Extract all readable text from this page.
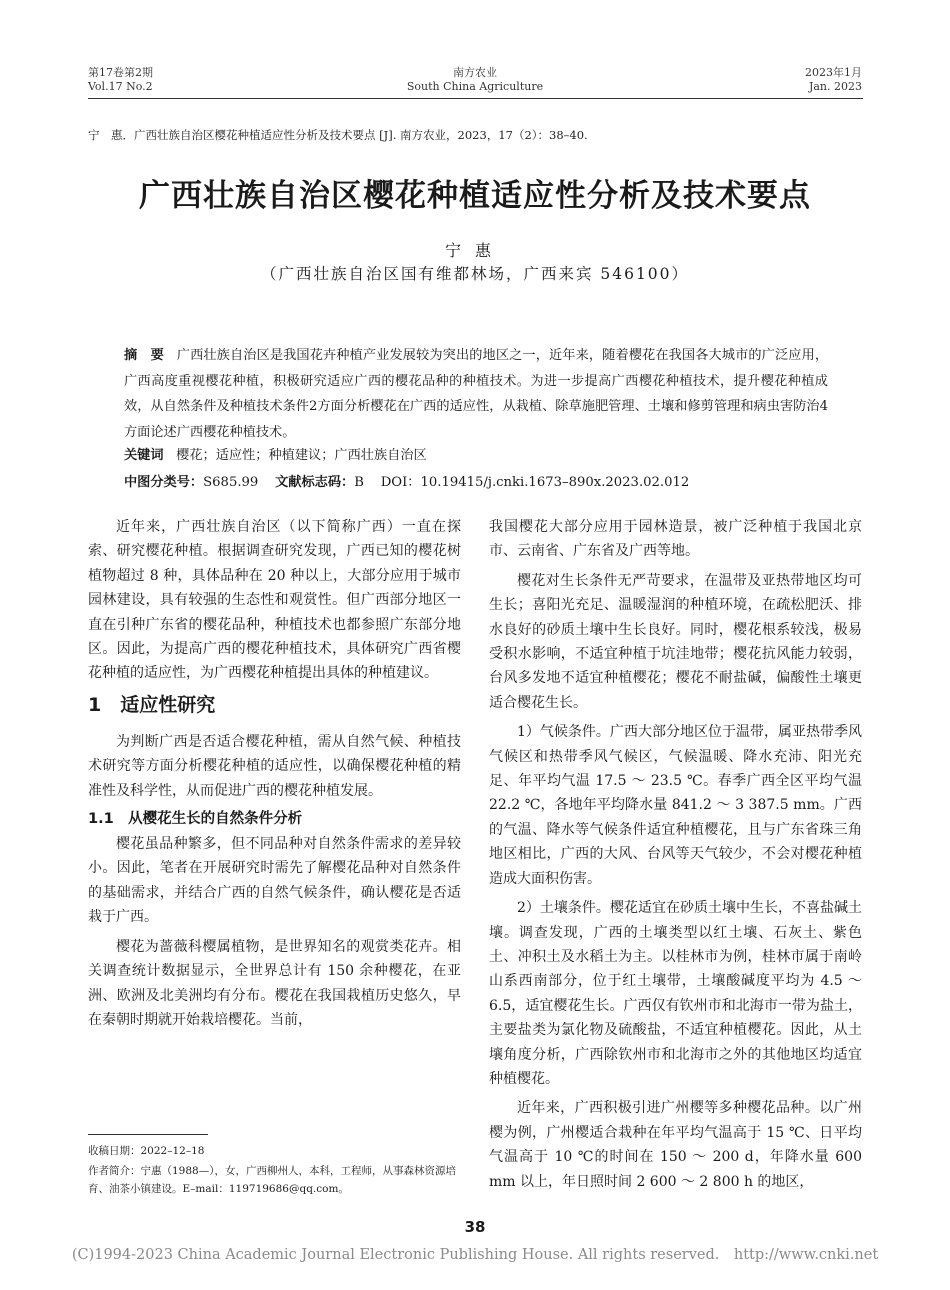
第17卷第2期
Vol.17 No.2
南方农业
South China Agriculture
2023年1月
Jan. 2023
宁　惠．广西壮族自治区樱花种植适应性分析及技术要点 [J]. 南方农业，2023，17（2）：38–40.
广西壮族自治区樱花种植适应性分析及技术要点
宁惠
（广西壮族自治区国有维都林场，广西来宾 546100）
摘　要 广西壮族自治区是我国花卉种植产业发展较为突出的地区之一，近年来，随着樱花在我国各大城市的广泛应用，广西高度重视樱花种植，积极研究适应广西的樱花品种的种植技术。为进一步提高广西樱花种植技术，提升樱花种植成效，从自然条件及种植技术条件2方面分析樱花在广西的适应性，从栽植、除草施肥管理、土壤和修剪管理和病虫害防治4方面论述广西樱花种植技术。
关键词 樱花；适应性；种植建议；广西壮族自治区
中图分类号：S685.99 文献标志码：B DOI：10.19415/j.cnki.1673–890x.2023.02.012

近年来，广西壮族自治区（以下简称广西）一直在探索、研究樱花种植。根据调查研究发现，广西已知的樱花树植物超过 8 种，具体品种在 20 种以上，大部分应用于城市园林建设，具有较强的生态性和观赏性。但广西部分地区一直在引种广东省的樱花品种，种植技术也都参照广东部分地区。因此，为提高广西的樱花种植技术，具体研究广西省樱花种植的适应性，为广西樱花种植提出具体的种植建议。

1　适应性研究

为判断广西是否适合樱花种植，需从自然气候、种植技术研究等方面分析樱花种植的适应性，以确保樱花种植的精准性及科学性，从而促进广西的樱花种植发展。

1.1　从樱花生长的自然条件分析

樱花虽品种繁多，但不同品种对自然条件需求的差异较小。因此，笔者在开展研究时需先了解樱花品种对自然条件的基础需求，并结合广西的自然气候条件，确认樱花是否适栽于广西。

樱花为蔷薇科樱属植物，是世界知名的观赏类花卉。相关调查统计数据显示，全世界总计有 150 余种樱花，在亚洲、欧洲及北美洲均有分布。樱花在我国栽植历史悠久，早在秦朝时期就开始栽培樱花。当前，

我国樱花大部分应用于园林造景，被广泛种植于我国北京市、云南省、广东省及广西等地。

樱花对生长条件无严苛要求，在温带及亚热带地区均可生长；喜阳光充足、温暖湿润的种植环境，在疏松肥沃、排水良好的砂质土壤中生长良好。同时，樱花根系较浅，极易受积水影响，不适宜种植于坑洼地带；樱花抗风能力较弱，台风多发地不适宜种植樱花；樱花不耐盐碱，偏酸性土壤更适合樱花生长。

1）气候条件。广西大部分地区位于温带，属亚热带季风气候区和热带季风气候区，气候温暖、降水充沛、阳光充足、年平均气温 17.5 ～ 23.5 ℃。春季广西全区平均气温 22.2 ℃，各地年平均降水量 841.2 ～ 3 387.5 mm。广西的气温、降水等气候条件适宜种植樱花，且与广东省珠三角地区相比，广西的大风、台风等天气较少，不会对樱花种植造成大面积伤害。

2）土壤条件。樱花适宜在砂质土壤中生长，不喜盐碱土壤。调查发现，广西的土壤类型以红土壤、石灰土、紫色土、冲积土及水稻土为主。以桂林市为例，桂林市属于南岭山系西南部分，位于红土壤带，土壤酸碱度平均为 4.5 ～ 6.5，适宜樱花生长。广西仅有钦州市和北海市一带为盐土，主要盐类为氯化物及硫酸盐，不适宜种植樱花。因此，从土壤角度分析，广西除钦州市和北海市之外的其他地区均适宜种植樱花。

近年来，广西积极引进广州樱等多种樱花品种。以广州樱为例，广州樱适合栽种在年平均气温高于 15 ℃、日平均气温高于 10 ℃的时间在 150 ～ 200 d，年降水量 600 mm 以上，年日照时间 2 600 ～ 2 800 h 的地区，

收稿日期：2022–12–18
作者简介：宁惠（1988—），女，广西柳州人，本科，工程师，从事森林资源培育、油茶小镇建设。E–mail：119719686@qq.com。
38
(C)1994-2023 China Academic Journal Electronic Publishing House. All rights reserved.　http://www.cnki.net
